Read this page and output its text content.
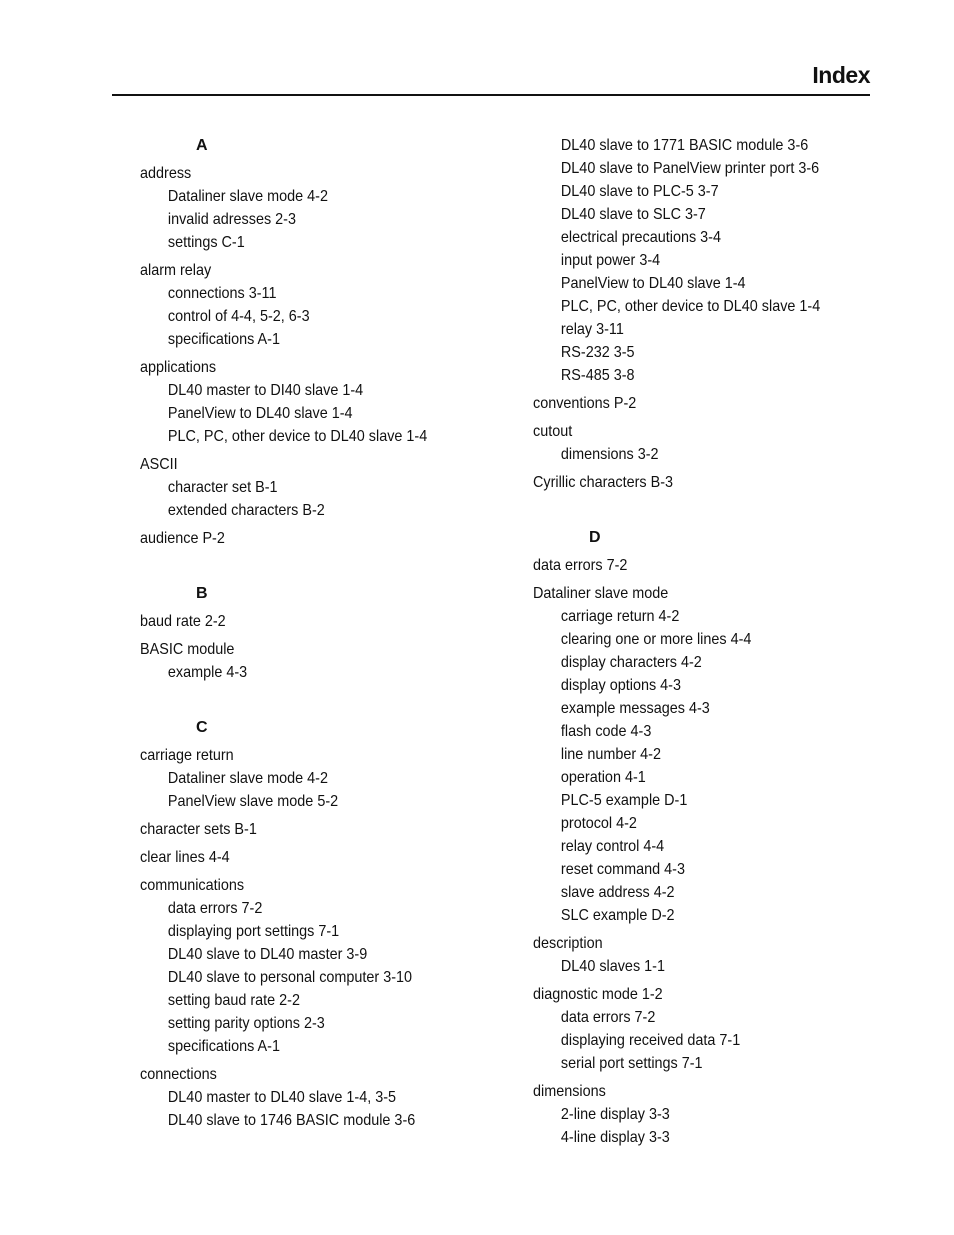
Index
A
address
Dataliner slave mode 4-2
invalid adresses 2-3
settings C-1
alarm relay
connections 3-11
control of 4-4, 5-2, 6-3
specifications A-1
applications
DL40 master to DI40 slave 1-4
PanelView to DL40 slave 1-4
PLC, PC, other device to DL40 slave 1-4
ASCII
character set B-1
extended characters B-2
audience P-2
B
baud rate 2-2
BASIC module
example 4-3
C
carriage return
Dataliner slave mode 4-2
PanelView slave mode 5-2
character sets B-1
clear lines 4-4
communications
data errors 7-2
displaying port settings 7-1
DL40 slave to DL40 master 3-9
DL40 slave to personal computer 3-10
setting baud rate 2-2
setting parity options 2-3
specifications A-1
connections
DL40 master to DL40 slave 1-4, 3-5
DL40 slave to 1746 BASIC module 3-6
DL40 slave to 1771 BASIC module 3-6
DL40 slave to PanelView printer port 3-6
DL40 slave to PLC-5 3-7
DL40 slave to SLC 3-7
electrical precautions 3-4
input power 3-4
PanelView to DL40 slave 1-4
PLC, PC, other device to DL40 slave 1-4
relay 3-11
RS-232 3-5
RS-485 3-8
conventions P-2
cutout
dimensions 3-2
Cyrillic characters B-3
D
data errors 7-2
Dataliner slave mode
carriage return 4-2
clearing one or more lines 4-4
display characters 4-2
display options 4-3
example messages 4-3
flash code 4-3
line number 4-2
operation 4-1
PLC-5 example D-1
protocol 4-2
relay control 4-4
reset command 4-3
slave address 4-2
SLC example D-2
description
DL40 slaves 1-1
diagnostic mode 1-2
data errors 7-2
displaying received data 7-1
serial port settings 7-1
dimensions
2-line display 3-3
4-line display 3-3
